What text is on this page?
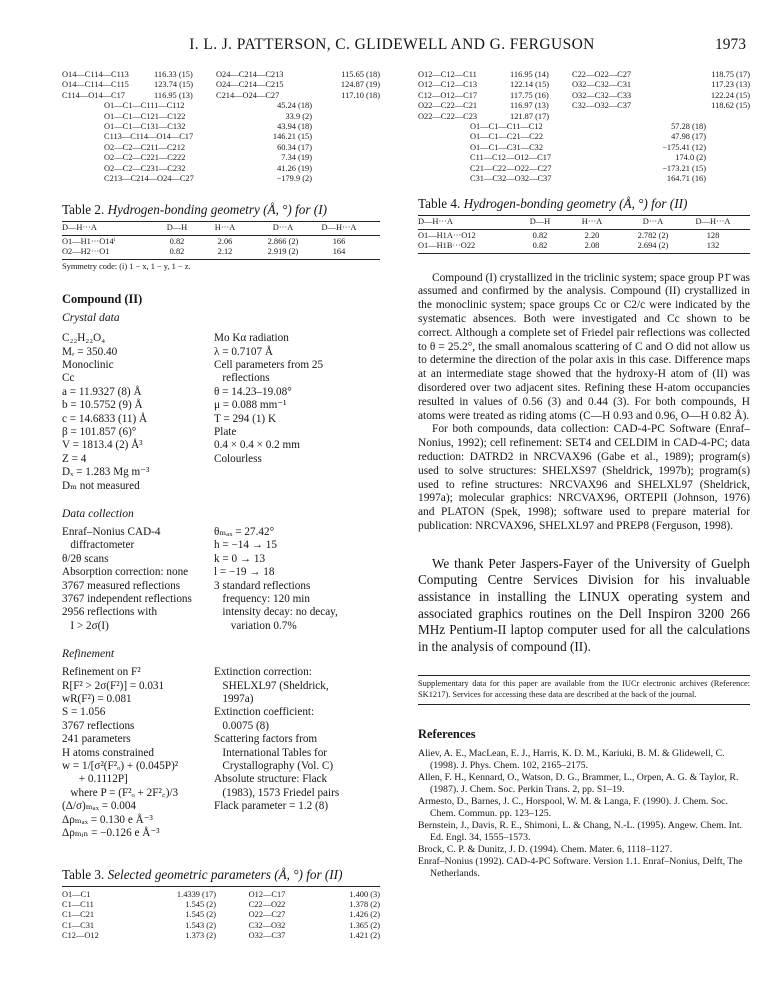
I. L. J. PATTERSON, C. GLIDEWELL AND G. FERGUSON	1973
O14—C114—C113	116.33 (15)	O24—C214—C213	115.65 (18)
O14—C114—C115	123.74 (15)	O24—C214—C215	124.87 (19)
C114—O14—C17	116.95 (13)	C214—O24—C27	117.10 (18)
O1—C1—C111—C112	45.24 (18)
O1—C1—C121—C122	33.9 (2)
O1—C1—C131—C132	43.94 (18)
C113—C114—O14—C17	146.21 (15)
O2—C2—C211—C212	60.34 (17)
O2—C2—C221—C222	7.34 (19)
O2—C2—C231—C232	41.26 (19)
C213—C214—O24—C27	−179.9 (2)
Table 2. Hydrogen-bonding geometry (Å, °) for (I)
D—H···A	D—H	H···A	D···A	D—H···A
O1—H1···O14ⁱ	0.82	2.06	2.866 (2)	166
O2—H2···O1	0.82	2.12	2.919 (2)	164
Symmetry code: (i) 1 − x, 1 − y, 1 − z.
Compound (II)
Crystal data
C₂₂H₂₂O₄
Mᵣ = 350.40
Monoclinic
Cc
a = 11.9327 (8) Å
b = 10.5752 (9) Å
c = 14.6833 (11) Å
β = 101.857 (6)°
V = 1813.4 (2) Å³
Z = 4
Dₓ = 1.283 Mg m⁻³
Dₘ not measured
Mo Kα radiation
λ = 0.7107 Å
Cell parameters from 25
reflections
θ = 14.23–19.08°
μ = 0.088 mm⁻¹
T = 294 (1) K
Plate
0.4 × 0.4 × 0.2 mm
Colourless
Data collection
Enraf–Nonius CAD-4
diffractometer
θ/2θ scans
Absorption correction: none
3767 measured reflections
3767 independent reflections
2956 reflections with
I > 2σ(I)
θₘₐₓ = 27.42°
h = −14 → 15
k = 0 → 13
l = −19 → 18
3 standard reflections
frequency: 120 min
intensity decay: no decay,
variation 0.7%
Refinement
Refinement on F²
R[F² > 2σ(F²)] = 0.031
wR(F²) = 0.081
S = 1.056
3767 reflections
241 parameters
H atoms constrained
w = 1/[σ²(F²ₒ) + (0.045P)²
+ 0.1112P]
where P = (F²ₒ + 2F²꜀)/3
(Δ/σ)ₘₐₓ = 0.004
Δρₘₐₓ = 0.130 e Å⁻³
Δρₘᵢₙ = −0.126 e Å⁻³
Extinction correction:
SHELXL97 (Sheldrick,
1997a)
Extinction coefficient:
0.0075 (8)
Scattering factors from
International Tables for
Crystallography (Vol. C)
Absolute structure: Flack
(1983), 1573 Friedel pairs
Flack parameter = 1.2 (8)
Table 3. Selected geometric parameters (Å, °) for (II)
O1—C1	1.4339 (17)	O12—C17	1.400 (3)
C1—C11	1.545 (2)	C22—O22	1.378 (2)
C1—C21	1.545 (2)	O22—C27	1.426 (2)
C1—C31	1.543 (2)	C32—O32	1.365 (2)
C12—O12	1.373 (2)	O32—C37	1.421 (2)
O12—C12—C11	116.95 (14)	C22—O22—C27	118.75 (17)
O12—C12—C13	122.14 (15)	O32—C32—C31	117.23 (13)
C12—O12—C17	117.75 (16)	O32—C32—C33	122.24 (15)
O22—C22—C21	116.97 (13)	C32—O32—C37	118.62 (15)
O22—C22—C23	121.87 (17)
O1—C1—C11—C12	57.28 (18)
O1—C1—C21—C22	47.98 (17)
O1—C1—C31—C32	−175.41 (12)
C11—C12—O12—C17	174.0 (2)
C21—C22—O22—C27	−173.21 (15)
C31—C32—O32—C37	164.71 (16)
Table 4. Hydrogen-bonding geometry (Å, °) for (II)
D—H···A	D—H	H···A	D···A	D—H···A
O1—H1A···O12	0.82	2.20	2.782 (2)	128
O1—H1B···O22	0.82	2.08	2.694 (2)	132

Compound (I) crystallized in the triclinic system; space group P1̄ was assumed and confirmed by the analysis. Compound (II) crystallized in the monoclinic system; space groups Cc or C2/c were indicated by the systematic absences. Both were investigated and Cc shown to be correct. Although a complete set of Friedel pair reflections was collected to θ = 25.2°, the small anomalous scattering of C and O did not allow us to determine the direction of the polar axis in this case. Difference maps at an intermediate stage showed that the hydroxy-H atom of (II) was disordered over two adjacent sites. Refining these H-atom occupancies resulted in values of 0.56 (3) and 0.44 (3). For both compounds, H atoms were treated as riding atoms (C—H 0.93 and 0.96, O—H 0.82 Å).

For both compounds, data collection: CAD-4-PC Software (Enraf–Nonius, 1992); cell refinement: SET4 and CELDIM in CAD-4-PC; data reduction: DATRD2 in NRCVAX96 (Gabe et al., 1989); program(s) used to solve structures: SHELXS97 (Sheldrick, 1997b); program(s) used to refine structures: NRCVAX96 and SHELXL97 (Sheldrick, 1997a); molecular graphics: NRCVAX96, ORTEPII (Johnson, 1976) and PLATON (Spek, 1998); software used to prepare material for publication: NRCVAX96, SHELXL97 and PREP8 (Ferguson, 1998).

We thank Peter Jaspers-Fayer of the University of Guelph Computing Centre Services Division for his invaluable assistance in installing the LINUX operating system and associated graphics routines on the Dell Inspiron 3200 266 MHz Pentium-II laptop computer used for all the calculations in the analysis of compound (II).
Supplementary data for this paper are available from the IUCr electronic archives (Reference: SK1217). Services for accessing these data are described at the back of the journal.
References
Aliev, A. E., MacLean, E. J., Harris, K. D. M., Kariuki, B. M. & Glidewell, C. (1998). J. Phys. Chem. 102, 2165–2175.
Allen, F. H., Kennard, O., Watson, D. G., Brammer, L., Orpen, A. G. & Taylor, R. (1987). J. Chem. Soc. Perkin Trans. 2, pp. S1–19.
Armesto, D., Barnes, J. C., Horspool, W. M. & Langa, F. (1990). J. Chem. Soc. Chem. Commun. pp. 123–125.
Bernstein, J., Davis, R. E., Shimoni, L. & Chang, N.-L. (1995). Angew. Chem. Int. Ed. Engl. 34, 1555–1573.
Brock, C. P. & Dunitz, J. D. (1994). Chem. Mater. 6, 1118–1127.
Enraf–Nonius (1992). CAD-4-PC Software. Version 1.1. Enraf–Nonius, Delft, The Netherlands.
